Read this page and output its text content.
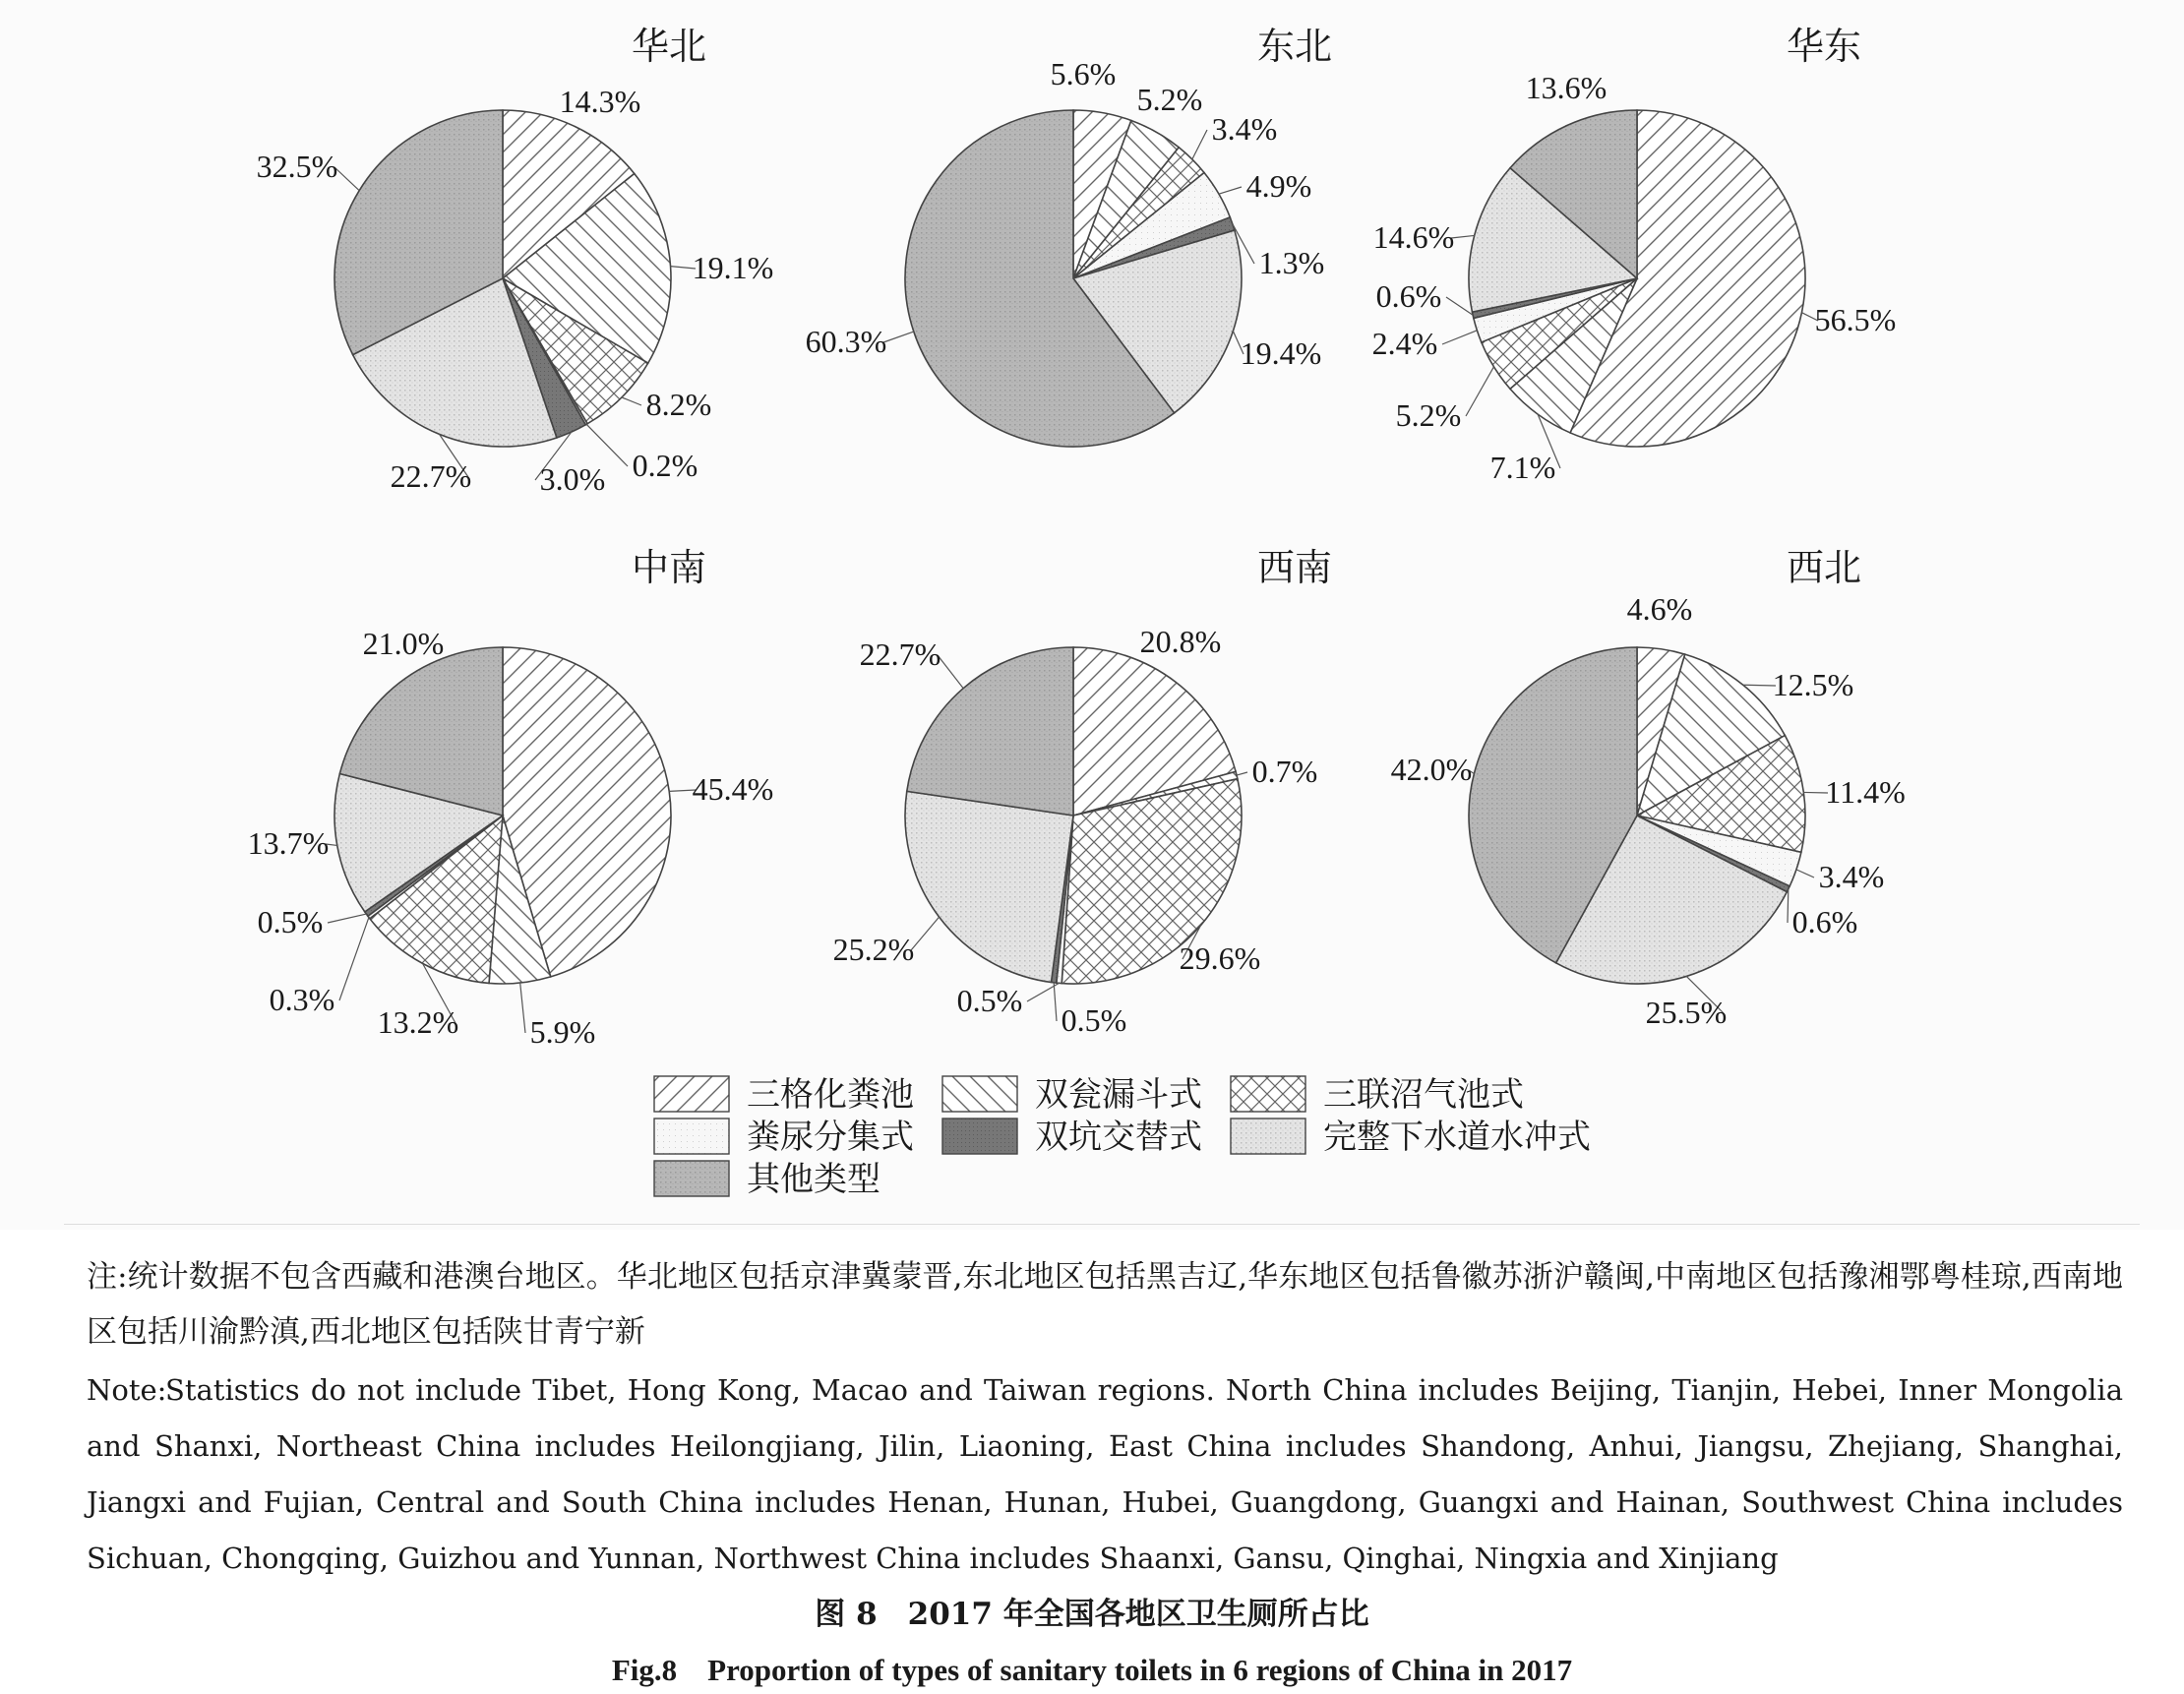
华北
14.3%
19.1%
8.2%
0.2%
3.0%
22.7%
32.5%
东北
5.6%
5.2%
3.4%
4.9%
1.3%
19.4%
60.3%
华东
56.5%
7.1%
5.2%
2.4%
0.6%
14.6%
13.6%
中南
45.4%
5.9%
13.2%
0.3%
0.5%
13.7%
21.0%
西南
20.8%
0.7%
29.6%
0.5%
0.5%
25.2%
22.7%
西北
4.6%
12.5%
11.4%
3.4%
0.6%
25.5%
42.0%
三格化粪池	双瓮漏斗式	三联沼气池式
粪尿分集式	双坑交替式	完整下水道水冲式
其他类型
注:统计数据不包含西藏和港澳台地区。华北地区包括京津冀蒙晋,东北地区包括黑吉辽,华东地区包括鲁徽苏浙沪赣闽,中南地区包括豫湘鄂粤桂琼,西南地区包括川渝黔滇,西北地区包括陕甘青宁新
Note:Statistics do not include Tibet, Hong Kong, Macao and Taiwan regions. North China includes Beijing, Tianjin, Hebei, Inner Mongolia and Shanxi, Northeast China includes Heilongjiang, Jilin, Liaoning, East China includes Shandong, Anhui, Jiangsu, Zhejiang, Shanghai, Jiangxi and Fujian, Central and South China includes Henan, Hunan, Hubei, Guangdong, Guangxi and Hainan, Southwest China includes Sichuan, Chongqing, Guizhou and Yunnan, Northwest China includes Shaanxi, Gansu, Qinghai, Ningxia and Xinjiang
图 8　2017 年全国各地区卫生厕所占比
Fig.8　Proportion of types of sanitary toilets in 6 regions of China in 2017
